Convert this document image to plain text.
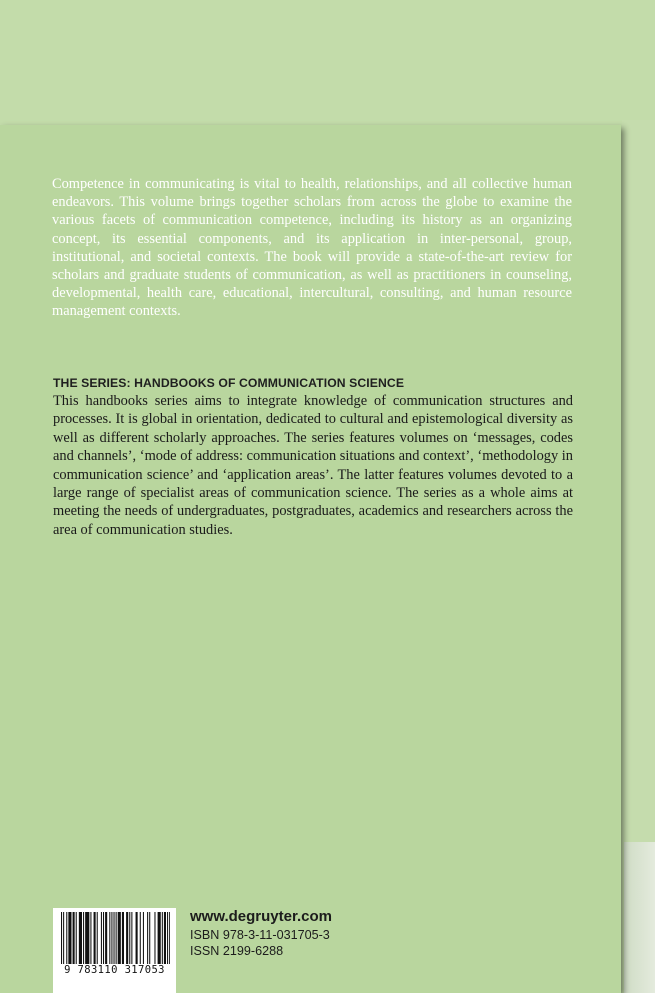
Competence in communicating is vital to health, relationships, and all collective human endeavors. This volume brings together scholars from across the globe to examine the various facets of communication competence, including its history as an organizing concept, its essential components, and its application in inter-personal, group, institutional, and societal contexts. The book will provide a state-of-the-art review for scholars and graduate students of communication, as well as practitioners in counseling, developmental, health care, educational, intercultural, consulting, and human resource management contexts.

THE SERIES: HANDBOOKS OF COMMUNICATION SCIENCE

This handbooks series aims to integrate knowledge of communication structures and processes. It is global in orientation, dedicated to cultural and epistemological diversity as well as different scholarly approaches. The series features volumes on ‘messages, codes and channels’, ‘mode of address: communication situations and context’, ‘methodology in communication science’ and ‘application areas’. The latter features volumes devoted to a large range of specialist areas of communication science. The series as a whole aims at meeting the needs of undergraduates, postgraduates, academics and researchers across the area of communication studies.

9 783110 317053

www.degruyter.com

ISBN 978-3-11-031705-3

ISSN 2199-6288
